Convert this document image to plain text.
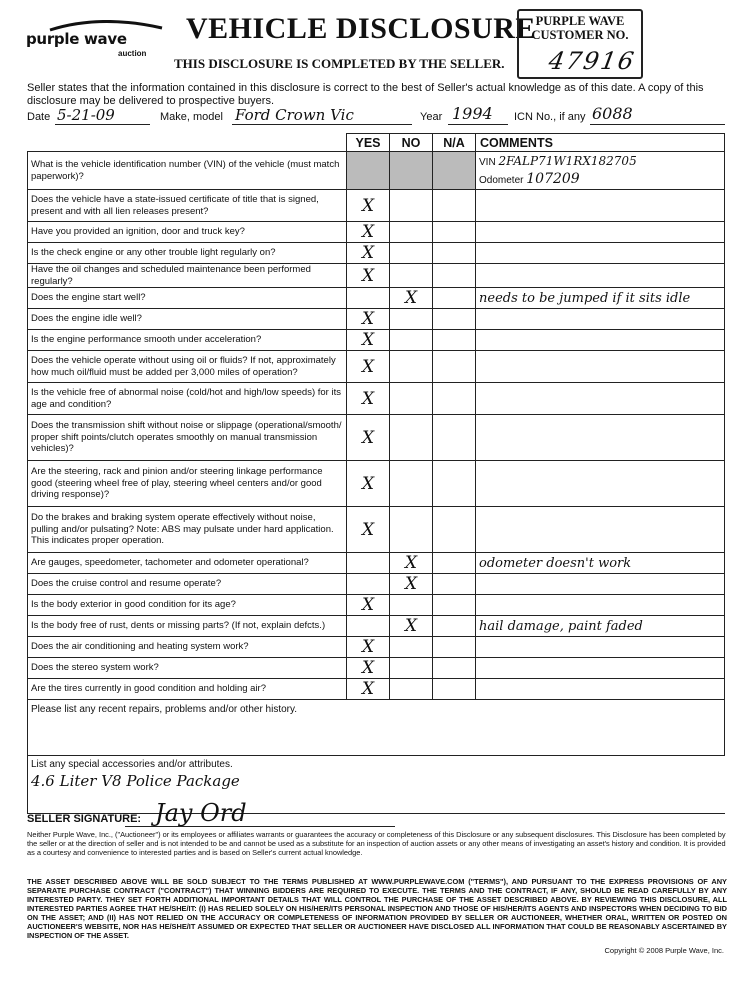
purple wave
auction
VEHICLE DISCLOSURE
THIS DISCLOSURE IS COMPLETED BY THE SELLER.
PURPLE WAVE CUSTOMER NO.
47916
Seller states that the information contained in this disclosure is correct to the best of Seller's actual knowledge as of this date. A copy of this disclosure may be delivered to prospective buyers.
Date 5-21-09	Make, model Ford Crown Vic	Year 1994 ICN No., if any 6088
	YES	NO	N/A	COMMENTS
What is the vehicle identification number (VIN) of the vehicle (must match paperwork)?				VIN 2FALP71W1RX182705
Odometer 107209

Does the vehicle have a state-issued certificate of title that is signed, present and with all lien releases present?	X			
Have you provided an ignition, door and truck key?	X			
Is the check engine or any other trouble light regularly on?	X			
Have the oil changes and scheduled maintenance been performed regularly?	X			
Does the engine start well?		X		needs to be jumped if it sits idle
Does the engine idle well?	X			
Is the engine performance smooth under acceleration?	X			
Does the vehicle operate without using oil or fluids? If not, approximately how much oil/fluid must be added per 3,000 miles of operation?	X			
Is the vehicle free of abnormal noise (cold/hot and high/low speeds) for its age and condition?	X			
Does the transmission shift without noise or slippage (operational/smooth/ proper shift points/clutch operates smoothly on manual transmission vehicles)?	X			
Are the steering, rack and pinion and/or steering linkage performance good (steering wheel free of play, steering wheel centers and/or good driving response)?	X			
Do the brakes and braking system operate effectively without noise, pulling and/or pulsating? Note: ABS may pulsate under hard application. This indicates proper operation.	X			
Are gauges, speedometer, tachometer and odometer operational?		X		odometer doesn't work
Does the cruise control and resume operate?		X		
Is the body exterior in good condition for its age?	X			
Is the body free of rust, dents or missing parts? (If not, explain defcts.)		X		hail damage, paint faded
Does the air conditioning and heating system work?	X			
Does the stereo system work?	X			
Are the tires currently in good condition and holding air?	X			
Please list any recent repairs, problems and/or other history.				

List any special accessories and/or attributes.
4.6 Liter V8 Police Package				
Jay Ord
SELLER SIGNATURE:
Neither Purple Wave, Inc., ("Auctioneer") or its employees or affiliates warrants or guarantees the accuracy or completeness of this Disclosure or any subsequent disclosures. This Disclosure has been completed by the seller or at the direction of seller and is not intended to be and cannot be used as a substitute for an inspection of auction assets or any other means of investigating an asset's history and condition. It is provided as a courtesy and convenience to interested parties and is based on Seller's current actual knowledge.
THE ASSET DESCRIBED ABOVE WILL BE SOLD SUBJECT TO THE TERMS PUBLISHED AT WWW.PURPLEWAVE.COM ("TERMS"), AND PURSUANT TO THE EXPRESS PROVISIONS OF ANY SEPARATE PURCHASE CONTRACT ("CONTRACT") THAT WINNING BIDDERS ARE REQUIRED TO EXECUTE. THE TERMS AND THE CONTRACT, IF ANY, SHOULD BE READ CAREFULLY BY ANY INTERESTED PARTY. THEY SET FORTH ADDITIONAL IMPORTANT DETAILS THAT WILL CONTROL THE PURCHASE OF THE ASSET DESCRIBED ABOVE. BY REVIEWING THIS DISCLOSURE, ALL INTERESTED PARTIES AGREE THAT HE/SHE/IT: (I) HAS RELIED SOLELY ON HIS/HER/ITS PERSONAL INSPECTION AND THOSE OF HIS/HER/ITS AGENTS AND INSPECTORS WHEN DECIDING TO BID ON THE ASSET; AND (II) HAS NOT RELIED ON THE ACCURACY OR COMPLETENESS OF INFORMATION PROVIDED BY SELLER OR AUCTIONEER, WHETHER ORAL, WRITTEN OR POSTED ON AUCTIONEER'S WEBSITE, NOR HAS HE/SHE/IT ASSUMED OR EXPECTED THAT SELLER OR AUCTIONEER HAVE DISCLOSED ALL INFORMATION THAT COULD BE REASONABLY ASCERTAINED BY INSPECTION OF THE ASSET.
Copyright © 2008 Purple Wave, Inc.
